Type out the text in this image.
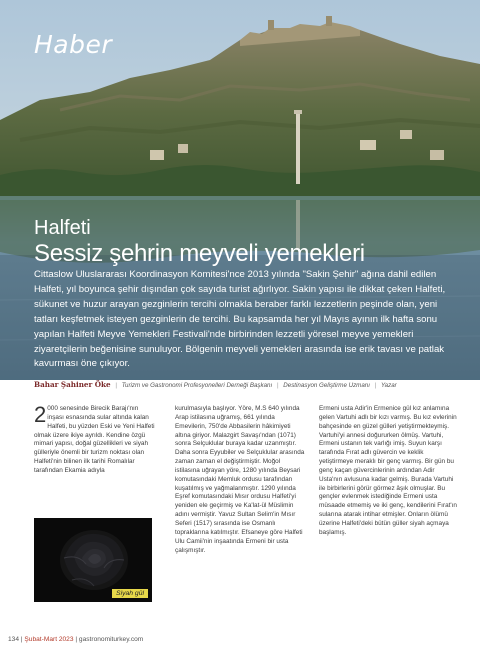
Haber
Halfeti
Sessiz şehrin meyveli yemekleri

Cittaslow Uluslararası Koordinasyon Komitesi'nce 2013 yılında "Sakin Şehir" ağına dahil edilen Halfeti, yıl boyunca şehir dışından çok sayıda turist ağırlıyor. Sakin yapısı ile dikkat çeken Halfeti, sükunet ve huzur arayan gezginlerin tercihi olmakla beraber farklı lezzetlerin peşinde olan, yeni tatları keşfetmek isteyen gezginlerin de tercihi. Bu kapsamda her yıl Mayıs ayının ilk hafta sonu yapılan Halfeti Meyve Yemekleri Festivali'nde birbirinden lezzetli yöresel meyve yemekleri ziyaretçilerin beğenisine sunuluyor. Bölgenin meyveli yemekleri arasında ise erik tavası ve patlak kavurması öne çıkıyor.

Bahar Şahiner Öke | Turizm ve Gastronomi Profesyonelleri Derneği Başkanı | Destinasyon Geliştirme Uzmanı | Yazar

2 000 senesinde Birecik Barajı'nın inşası esnasında sular altında kalan Halfeti, bu yüzden Eski ve Yeni Halfeti olmak üzere ikiye ayrıldı. Kendine özgü mimari yapısı, doğal güzellikleri ve siyah gülleriyle önemli bir turizm noktası olan Halfeti'nin bilinen ilk tarihi Romalılar tarafından Ekamia adıyla

Siyah gül

kurulmasıyla başlıyor. Yöre, M.S 640 yılında Arap istilasına uğramış, 661 yılında Emevilerin, 750'de Abbasilerin hâkimiyeti altına giriyor. Malazgirt Savaşı'ndan (1071) sonra Selçuklular buraya kadar uzanmıştır. Daha sonra Eyyubiler ve Selçuklular arasında zaman zaman el değiştirmiştir. Moğol istilasına uğrayan yöre, 1280 yılında Beysari komutasındaki Memluk ordusu tarafından kuşatılmış ve yağmalanmıştır. 1290 yılında Eşref komutasındaki Mısır ordusu Halfeti'yi yeniden ele geçirmiş ve Ka'lat-ül Müslimin adını vermiştir. Yavuz Sultan Selim'in Mısır Seferi (1517) sırasında ise Osmanlı topraklarına katılmıştır. Efsaneye göre Halfeti Ulu Camii'nin inşaatında Ermeni bir usta çalışmıştır.

Ermeni usta Adir'in Ermenice gül kız anlamına gelen Vartuhi adlı bir kızı varmış. Bu kız evlerinin bahçesinde en güzel gülleri yetiştirmekteymiş. Vartuhi'yi annesi doğururken ölmüş. Vartuhi, Ermeni ustanın tek varlığı imiş. Suyun karşı tarafında Fırat adlı güvercin ve keklik yetiştirmeye meraklı bir genç varmış. Bir gün bu genç kaçan güvercinlerinin ardından Adir Usta'nın avlusuna kadar gelmiş. Burada Vartuhi ile birbirlerini görür görmez âşık olmuşlar. Bu gençler evlenmek istediğinde Ermeni usta müsaade etmemiş ve iki genç, kendilerini Fırat'ın sularına atarak intihar etmişler. Onların ölümü üzerine Halfeti'deki bütün güller siyah açmaya başlamış.

134 | Şubat-Mart 2023 | gastronomiturkey.com
